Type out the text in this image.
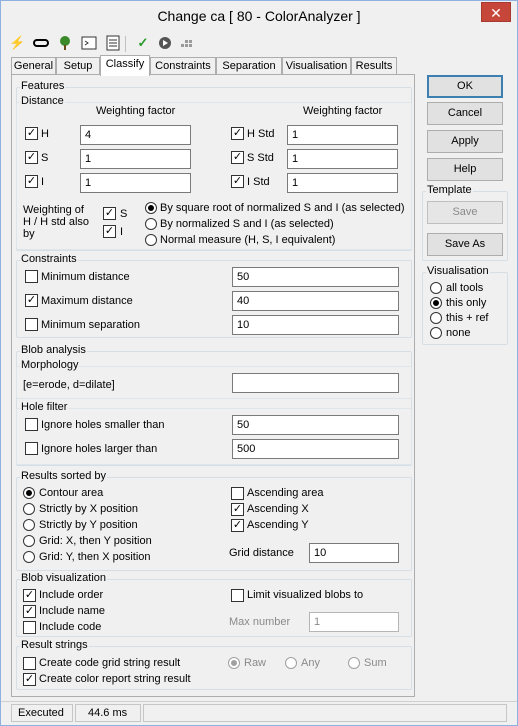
Change ca [ 80 - ColorAnalyzer ]	✕
⚡	✓
General Setup	Classify Constraints	Separation Visualisation Results
Features
Distance
Weighting factor	Weighting factor
✓ H	4
✓ S	1
✓ I	1
✓ H Std	1
✓ S Std	1
✓ I Std	1
Weighting of H / H std also by
✓ S
✓ I
By square root of normalized S and I (as selected)
By normalized S and I (as selected)
Normal measure (H, S, I equivalent)
Constraints
Minimum distance	50
✓ Maximum distance	40
Minimum separation	10
Blob analysis
Morphology
[e=erode, d=dilate]
Hole filter
Ignore holes smaller than	50
Ignore holes larger than	500
Results sorted by
Contour area
Strictly by X position
Strictly by Y position
Grid: X, then Y position
Grid: Y, then X position
Ascending area
✓ Ascending X
✓ Ascending Y
Grid distance	10
Blob visualization
✓ Include order
✓ Include name
Include code
Limit visualized blobs to
Max number	1
Result strings
Create code grid string result
✓ Create color report string result
Raw	Any	Sum
OK
Cancel
Apply
Help
Template
Save
Save As
Visualisation
all tools
this only
this + ref
none
Executed	44.6 ms
